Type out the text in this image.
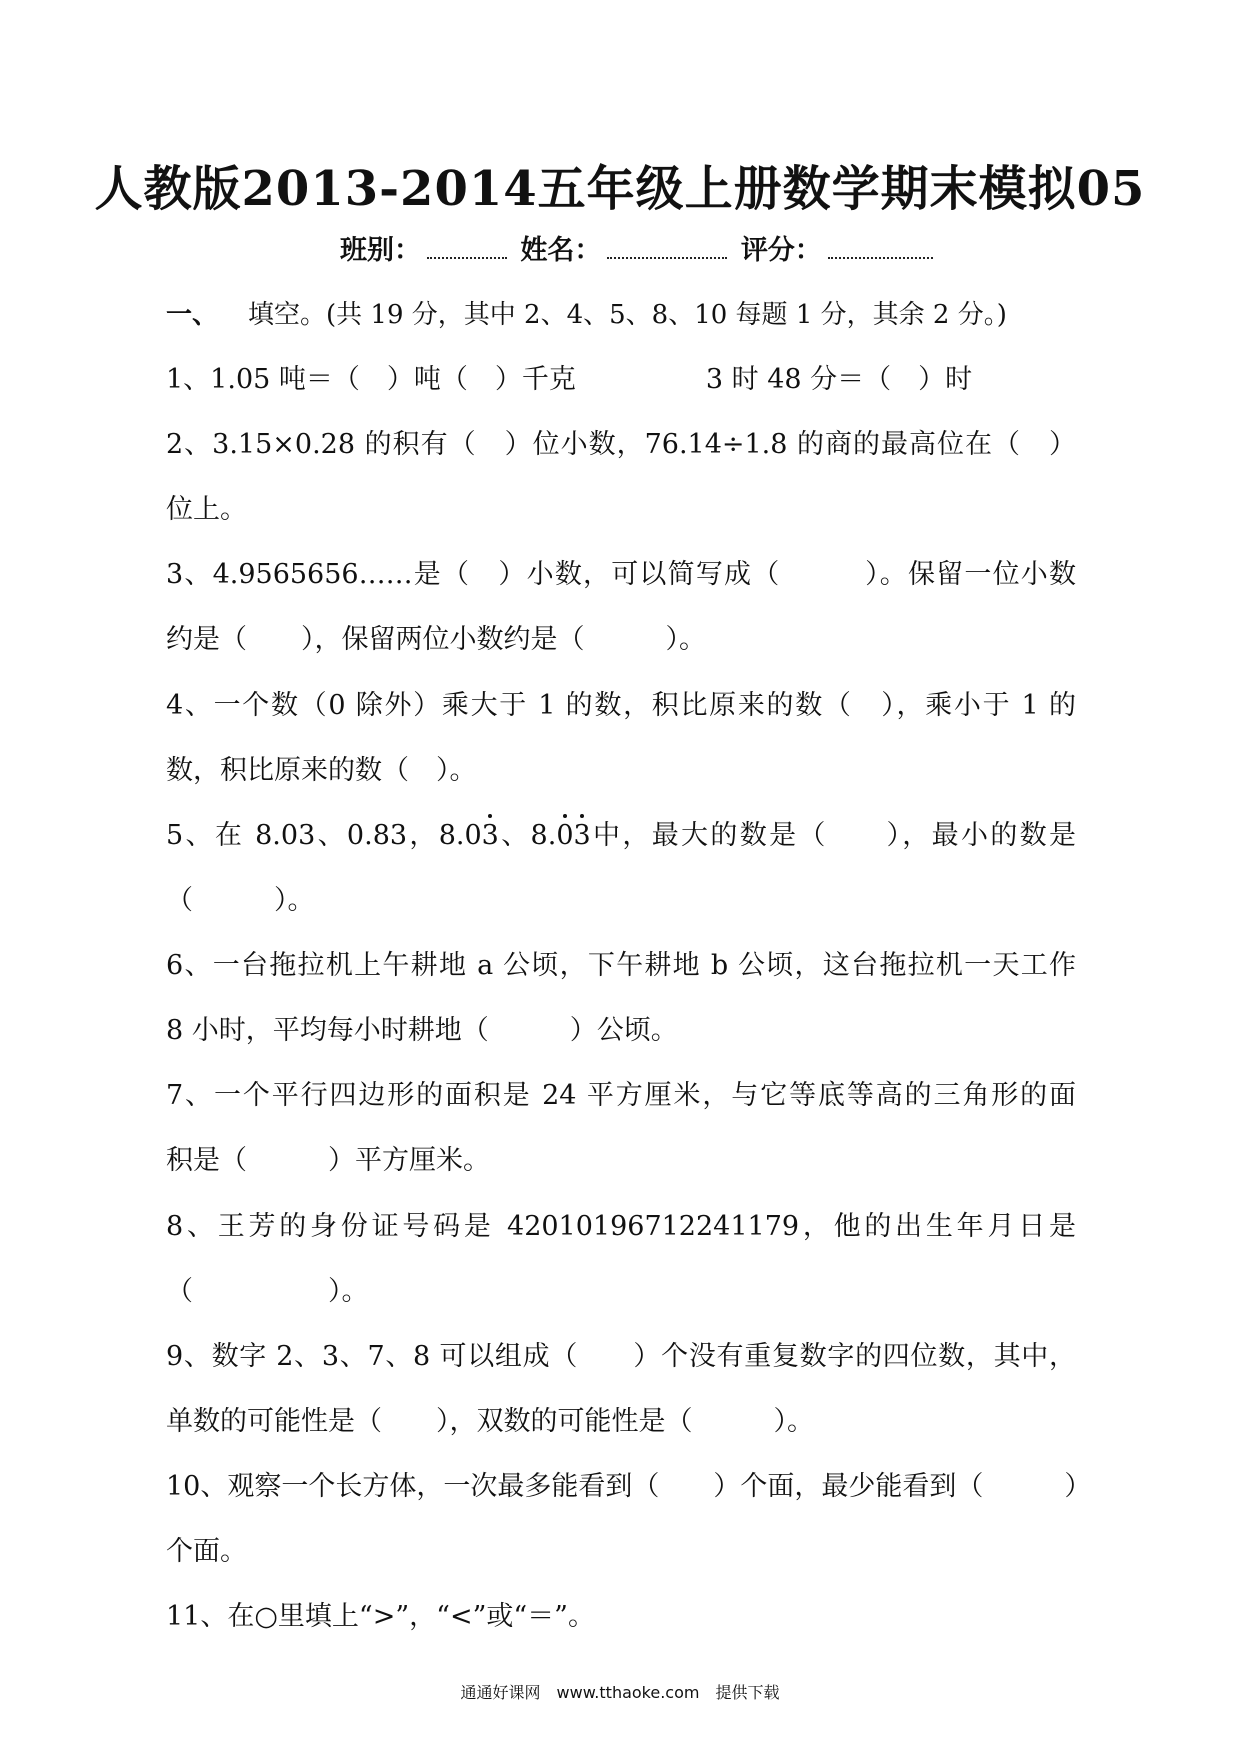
人教版2013-2014五年级上册数学期末模拟05
班别：	姓名：	评分：
一、 填空。(共 19 分，其中 2、4、5、8、10 每题 1 分，其余 2 分。)
1、1.05 吨＝（　）吨（　）千克	3 时 48 分＝（　）时
2、3.15×0.28 的积有（　）位小数，76.14÷1.8 的商的最高位在（　）
位上。
3、4.9565656……是（　）小数，可以简写成（　　　）。保留一位小数
约是（　　），保留两位小数约是（　　　）。
4、一个数（0 除外）乘大于 1 的数，积比原来的数（　），乘小于 1 的
数，积比原来的数（　）。
5、在 8.03、0.83，8.03、8.03中，最大的数是（　　），最小的数是
（　　　）。
6、一台拖拉机上午耕地 a 公顷，下午耕地 b 公顷，这台拖拉机一天工作
8 小时，平均每小时耕地（　　　）公顷。
7、一个平行四边形的面积是 24 平方厘米，与它等底等高的三角形的面
积是（　　　）平方厘米。
8、王芳的身份证号码是 42010196712241179，他的出生年月日是
（　　　　　）。
9、数字 2、3、7、8 可以组成（　　）个没有重复数字的四位数，其中，
单数的可能性是（　　），双数的可能性是（　　　）。
10、观察一个长方体，一次最多能看到（　　）个面，最少能看到（　　　）
个面。
11、在○里填上“>”，“<”或“＝”。
通通好课网　www.tthaoke.com　提供下载
